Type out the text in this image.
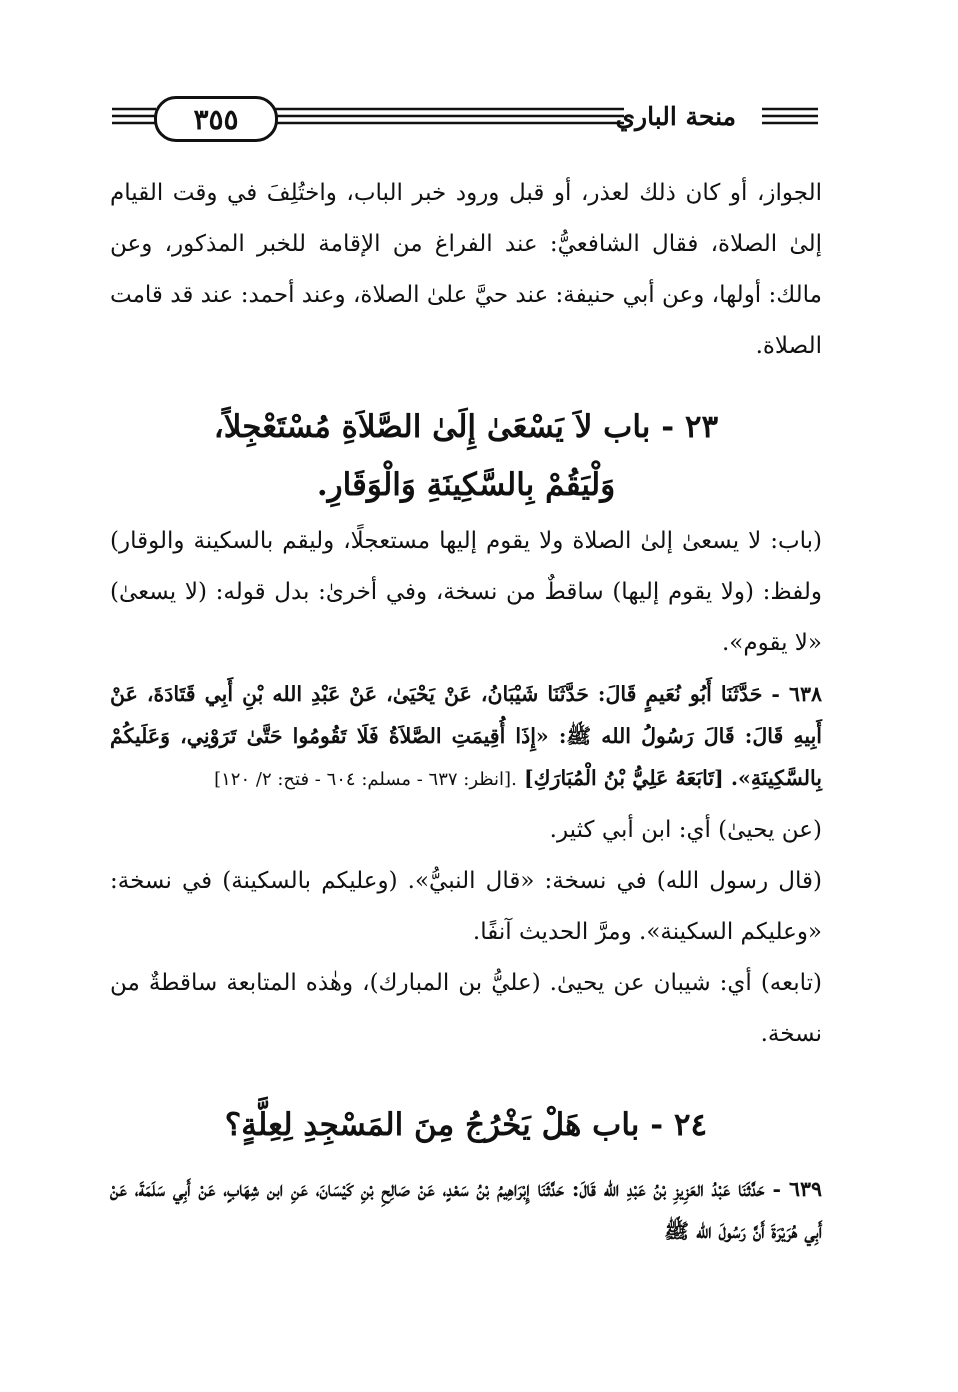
٣٥٥	منحة الباري

الجواز، أو كان ذلك لعذر، أو قبل ورود خبر الباب، واختُلِفَ في وقت القيام إلىٰ الصلاة، فقال الشافعيُّ: عند الفراغ من الإقامة للخبر المذكور، وعن مالك: أولها، وعن أبي حنيفة: عند حيَّ علىٰ الصلاة، وعند أحمد: عند قد قامت الصلاة.

٢٣ - باب لاَ يَسْعَىٰ إِلَىٰ الصَّلاَةِ مُسْتَعْجِلاً،
وَلْيَقُمْ بِالسَّكِينَةِ وَالْوَقَارِ.

(باب: لا يسعىٰ إلىٰ الصلاة ولا يقوم إليها مستعجلًا، وليقم بالسكينة والوقار) ولفظ: (ولا يقوم إليها) ساقطٌ من نسخة، وفي أخرىٰ: بدل قوله: (لا يسعىٰ) «لا يقوم».

٦٣٨ - حَدَّثَنَا أَبُو نُعَيمٍ قَالَ: حَدَّثَنَا شَيْبَانُ، عَنْ يَحْيَىٰ، عَنْ عَبْدِ الله بْنِ أَبِي قَتَادَةَ، عَنْ أَبِيهِ قَالَ: قَالَ رَسُولُ الله ﷺ: «إِذَا أُقِيمَتِ الصَّلاَةُ فَلَا تَقُومُوا حَتَّىٰ تَرَوْنِي، وَعَلَيكُمْ بِالسَّكِينَةِ». [تَابَعَهُ عَلِيُّ بْنُ الْمُبَارَكِ] .[انظر: ٦٣٧ - مسلم: ٦٠٤ - فتح: ٢/ ١٢٠]

(عن يحيىٰ) أي: ابن أبي كثير.

(قال رسول الله) في نسخة: «قال النبيُّ». (وعليكم بالسكينة) في نسخة: «وعليكم السكينة». ومرَّ الحديث آنفًا.

(تابعه) أي: شيبان عن يحيىٰ. (عليُّ بن المبارك)، وهٰذه المتابعة ساقطةٌ من نسخة.

٢٤ - باب هَلْ يَخْرُجُ مِنَ المَسْجِدِ لِعِلَّةٍ؟

٦٣٩ - حَدَّثَنَا عَبْدُ العَزِيزِ بْنُ عَبْدِ الله قَالَ: حَدَّثَنَا إِبْرَاهِيمُ بْنُ سَعْدٍ، عَنْ صَالِحِ بْنِ كَيْسَانَ، عَنِ ابن شِهَابٍ، عَنْ أَبِي سَلَمَةَ، عَنْ أَبِي هُرَيْرَةَ أَنَّ رَسُولَ الله ﷺ
